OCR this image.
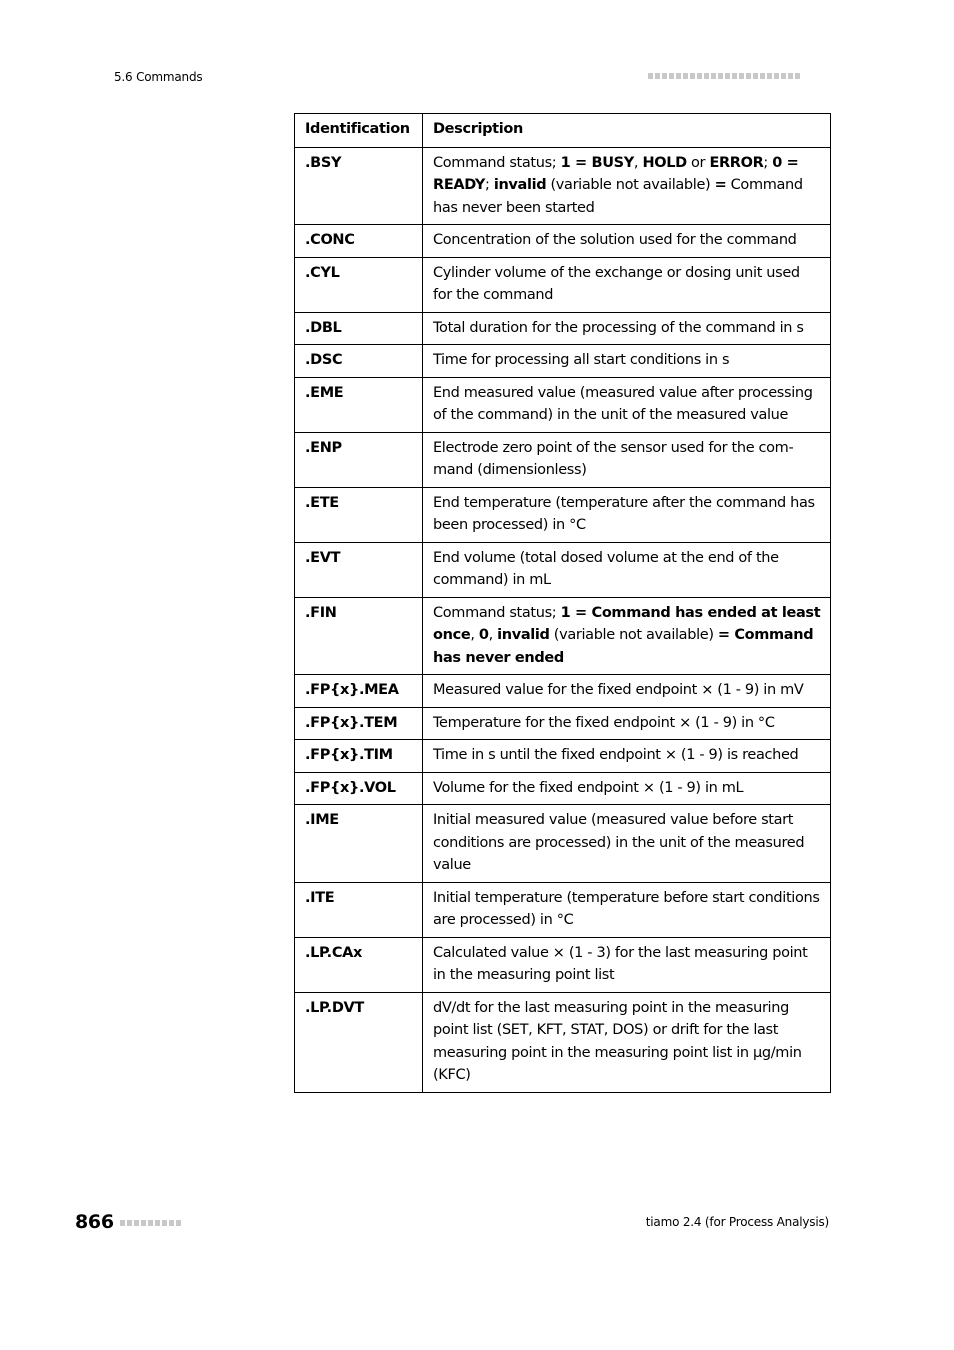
5.6 Commands
Identification	Description
.BSY	Command status; 1 = BUSY, HOLD or ERROR; 0 = READY; invalid (variable not available) = Command has never been started
.CONC	Concentration of the solution used for the command
.CYL	Cylinder volume of the exchange or dosing unit used for the command
.DBL	Total duration for the processing of the command in s
.DSC	Time for processing all start conditions in s
.EME	End measured value (measured value after processing of the command) in the unit of the measured value
.ENP	Electrode zero point of the sensor used for the command (dimensionless)
.ETE	End temperature (temperature after the command has been processed) in °C
.EVT	End volume (total dosed volume at the end of the command) in mL
.FIN	Command status; 1 = Command has ended at least once, 0, invalid (variable not available) = Command has never ended
.FP{x}.MEA	Measured value for the fixed endpoint × (1 - 9) in mV
.FP{x}.TEM	Temperature for the fixed endpoint × (1 - 9) in °C
.FP{x}.TIM	Time in s until the fixed endpoint × (1 - 9) is reached
.FP{x}.VOL	Volume for the fixed endpoint × (1 - 9) in mL
.IME	Initial measured value (measured value before start conditions are processed) in the unit of the measured value
.ITE	Initial temperature (temperature before start conditions are processed) in °C
.LP.CAx	Calculated value × (1 - 3) for the last measuring point in the measuring point list
.LP.DVT	dV/dt for the last measuring point in the measuring point list (SET, KFT, STAT, DOS) or drift for the last measuring point in the measuring point list in µg/min (KFC)
866	tiamo 2.4 (for Process Analysis)
